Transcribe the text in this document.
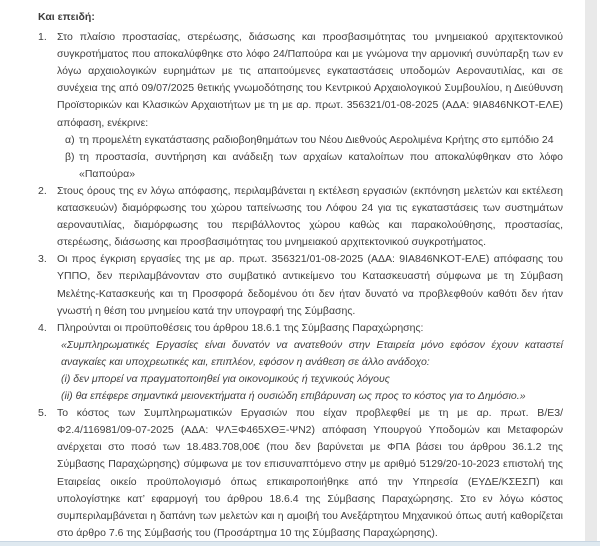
Και επειδή:

1. Στο πλαίσιο προστασίας, στερέωσης, διάσωσης και προσβασιμότητας του μνημειακού αρχιτεκτονικού συγκροτήματος που αποκαλύφθηκε στο λόφο 24/Παπούρα και με γνώμονα την αρμονική συνύπαρξη των εν λόγω αρχαιολογικών ευρημάτων με τις απαιτούμενες εγκαταστάσεις υποδομών Αεροναυτιλίας, και σε συνέχεια της από 09/07/2025 θετικής γνωμοδότησης του Κεντρικού Αρχαιολογικού Συμβουλίου, η Διεύθυνση Προϊστορικών και Κλασικών Αρχαιοτήτων με τη με αρ. πρωτ. 356321/01-08-2025 (ΑΔΑ: 9ΙΑ846ΝΚΟΤ-ΕΛΕ) απόφαση, ενέκρινε:
α) τη προμελέτη εγκατάστασης ραδιοβοηθημάτων του Νέου Διεθνούς Αερολιμένα Κρήτης στο εμπόδιο 24
β) τη προστασία, συντήρηση και ανάδειξη των αρχαίων καταλοίπων που αποκαλύφθηκαν στο λόφο «Παπούρα»
2. Στους όρους της εν λόγω απόφασης, περιλαμβάνεται η εκτέλεση εργασιών (εκπόνηση μελετών και εκτέλεση κατασκευών) διαμόρφωσης του χώρου ταπείνωσης του Λόφου 24 για τις εγκαταστάσεις των συστημάτων αεροναυτιλίας, διαμόρφωσης του περιβάλλοντος χώρου καθώς και παρακολούθησης, προστασίας, στερέωσης, διάσωσης και προσβασιμότητας του μνημειακού αρχιτεκτονικού συγκροτήματος.
3. Οι προς έγκριση εργασίες της με αρ. πρωτ. 356321/01-08-2025 (ΑΔΑ: 9ΙΑ846ΝΚΟΤ-ΕΛΕ) απόφασης του ΥΠΠΟ, δεν περιλαμβάνονταν στο συμβατικό αντικείμενο του Κατασκευαστή σύμφωνα με τη Σύμβαση Μελέτης-Κατασκευής και τη Προσφορά δεδομένου ότι δεν ήταν δυνατό να προβλεφθούν καθότι δεν ήταν γνωστή η θέση του μνημείου κατά την υπογραφή της Σύμβασης.
4. Πληρούνται οι προϋποθέσεις του άρθρου 18.6.1 της Σύμβασης Παραχώρησης:
«Συμπληρωματικές Εργασίες είναι δυνατόν να ανατεθούν στην Εταιρεία μόνο εφόσον έχουν καταστεί αναγκαίες και υποχρεωτικές και, επιπλέον, εφόσον η ανάθεση σε άλλο ανάδοχο:
(i) δεν μπορεί να πραγματοποιηθεί για οικονομικούς ή τεχνικούς λόγους
(ii) θα επέφερε σημαντικά μειονεκτήματα ή ουσιώδη επιβάρυνση ως προς το κόστος για το Δημόσιο.»
5. Το κόστος των Συμπληρωματικών Εργασιών που είχαν προβλεφθεί με τη με αρ. πρωτ. Β/Ε3/Φ2.4/116981/09-07-2025 (ΑΔΑ: ΨΛΞΦ465ΧΘΞ-ΨΝ2) απόφαση Υπουργού Υποδομών και Μεταφορών ανέρχεται στο ποσό των 18.483.708,00€ (που δεν βαρύνεται με ΦΠΑ βάσει του άρθρου 36.1.2 της Σύμβασης Παραχώρησης) σύμφωνα με τον επισυναπτόμενο στην με αριθμό 5129/20-10-2023 επιστολή της Εταιρείας οικείο προϋπολογισμό όπως επικαιροποιήθηκε από την Υπηρεσία (ΕΥΔΕ/ΚΣΕΣΠ) και υπολογίστηκε κατ’ εφαρμογή του άρθρου 18.6.4 της Σύμβασης Παραχώρησης. Στο εν λόγω κόστος συμπεριλαμβάνεται η δαπάνη των μελετών και η αμοιβή του Ανεξάρτητου Μηχανικού όπως αυτή καθορίζεται στο άρθρο 7.6 της Σύμβασής του (Προσάρτημα 10 της Σύμβασης Παραχώρησης).
